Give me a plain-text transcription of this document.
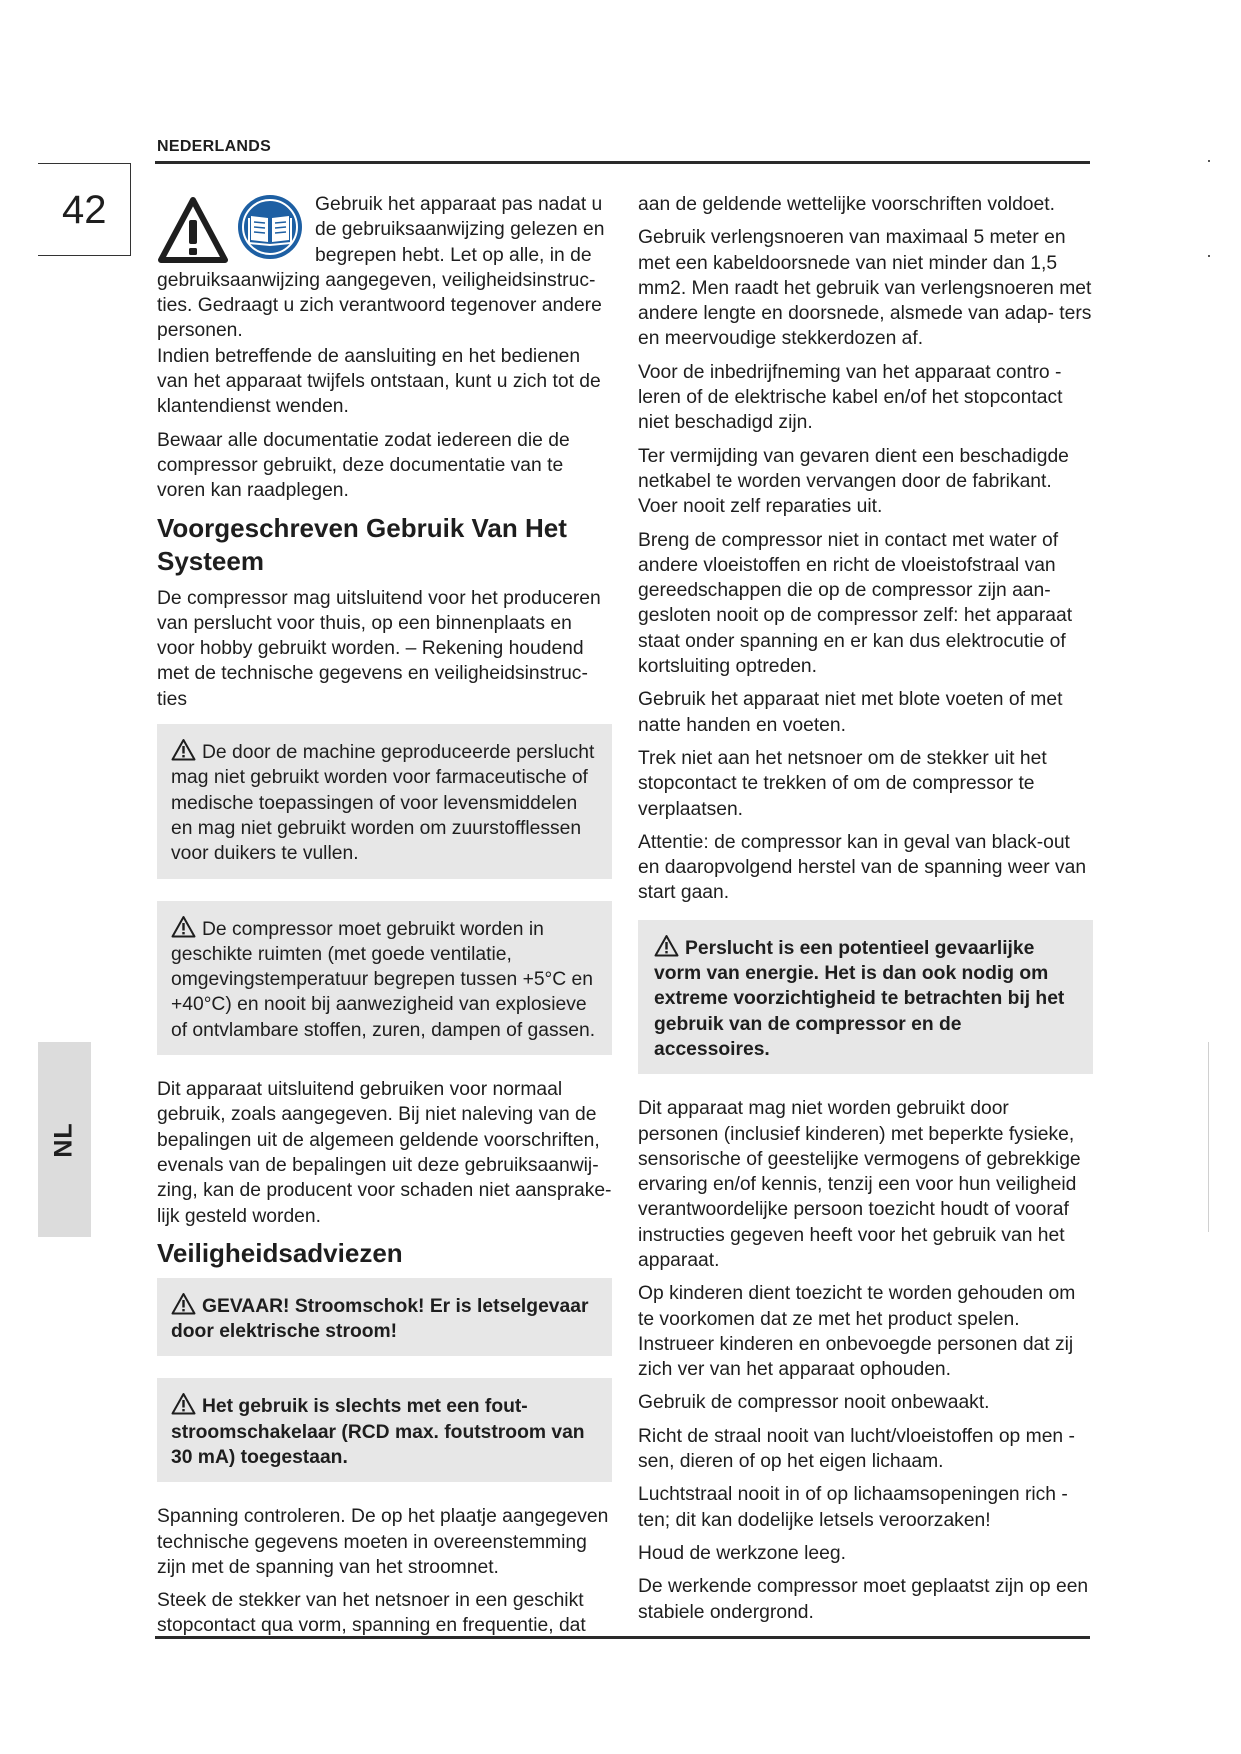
NEDERLANDS
42
NL

Gebruik het apparaat pas nadat u de gebruiksaanwijzing gelezen en begrepen hebt. Let op alle, in de gebruiksaanwijzing aangegeven, veiligheidsinstruc- ties. Gedraagt u zich verantwoord tegenover andere personen.

Indien betreffende de aansluiting en het bedienen van het apparaat twijfels ontstaan, kunt u zich tot de klantendienst wenden.

Bewaar alle documentatie zodat iedereen die de compressor gebruikt, deze documentatie van te voren kan raadplegen.

Voorgeschreven Gebruik Van Het Systeem

De compressor mag uitsluitend voor het produceren van perslucht voor thuis, op een binnenplaats en voor hobby gebruikt worden. – Rekening houdend met de technische gegevens en veiligheidsinstruc- ties

De door de machine geproduceerde perslucht mag niet gebruikt worden voor farmaceutische of medische toepassingen of voor levensmiddelen en mag niet gebruikt worden om zuurstofflessen voor duikers te vullen.
De compressor moet gebruikt worden in geschikte ruimten (met goede ventilatie, omgevingstemperatuur begrepen tussen +5°C en +40°C) en nooit bij aanwezigheid van explosieve of ontvlambare stoffen, zuren, dampen of gassen.

Dit apparaat uitsluitend gebruiken voor normaal gebruik, zoals aangegeven. Bij niet naleving van de bepalingen uit de algemeen geldende voorschriften, evenals van de bepalingen uit deze gebruiksaanwij- zing, kan de producent voor schaden niet aansprake- lijk gesteld worden.

Veiligheidsadviezen
GEVAAR! Stroomschok! Er is letselgevaar door elektrische stroom!
Het gebruik is slechts met een fout- stroomschakelaar (RCD max. foutstroom van 30 mA) toegestaan.

Spanning controleren. De op het plaatje aangegeven technische gegevens moeten in overeenstemming zijn met de spanning van het stroomnet.

Steek de stekker van het netsnoer in een geschikt stopcontact qua vorm, spanning en frequentie, dat

aan de geldende wettelijke voorschriften voldoet.

Gebruik verlengsnoeren van maximaal 5 meter en met een kabeldoorsnede van niet minder dan 1,5 mm2. Men raadt het gebruik van verlengsnoeren met andere lengte en doorsnede, alsmede van adap- ters en meervoudige stekkerdozen af.

Voor de inbedrijfneming van het apparaat contro - leren of de elektrische kabel en/of het stopcontact niet beschadigd zijn.

Ter vermijding van gevaren dient een beschadigde netkabel te worden vervangen door de fabrikant. Voer nooit zelf reparaties uit.

Breng de compressor niet in contact met water of andere vloeistoffen en richt de vloeistofstraal van gereedschappen die op de compressor zijn aan- gesloten nooit op de compressor zelf: het apparaat staat onder spanning en er kan dus elektrocutie of kortsluiting optreden.

Gebruik het apparaat niet met blote voeten of met natte handen en voeten.

Trek niet aan het netsnoer om de stekker uit het stopcontact te trekken of om de compressor te verplaatsen.

Attentie: de compressor kan in geval van black-out en daaropvolgend herstel van de spanning weer van start gaan.

Perslucht is een potentieel gevaarlijke vorm van energie. Het is dan ook nodig om extreme voorzichtigheid te betrachten bij het gebruik van de compressor en de accessoires.

Dit apparaat mag niet worden gebruikt door personen (inclusief kinderen) met beperkte fysieke, sensorische of geestelijke vermogens of gebrekkige ervaring en/of kennis, tenzij een voor hun veiligheid verantwoordelijke persoon toezicht houdt of vooraf instructies gegeven heeft voor het gebruik van het apparaat.

Op kinderen dient toezicht te worden gehouden om te voorkomen dat ze met het product spelen. Instrueer kinderen en onbevoegde personen dat zij zich ver van het apparaat ophouden.

Gebruik de compressor nooit onbewaakt.

Richt de straal nooit van lucht/vloeistoffen op men - sen, dieren of op het eigen lichaam.

Luchtstraal nooit in of op lichaamsopeningen rich - ten; dit kan dodelijke letsels veroorzaken!

Houd de werkzone leeg.

De werkende compressor moet geplaatst zijn op een stabiele ondergrond.
